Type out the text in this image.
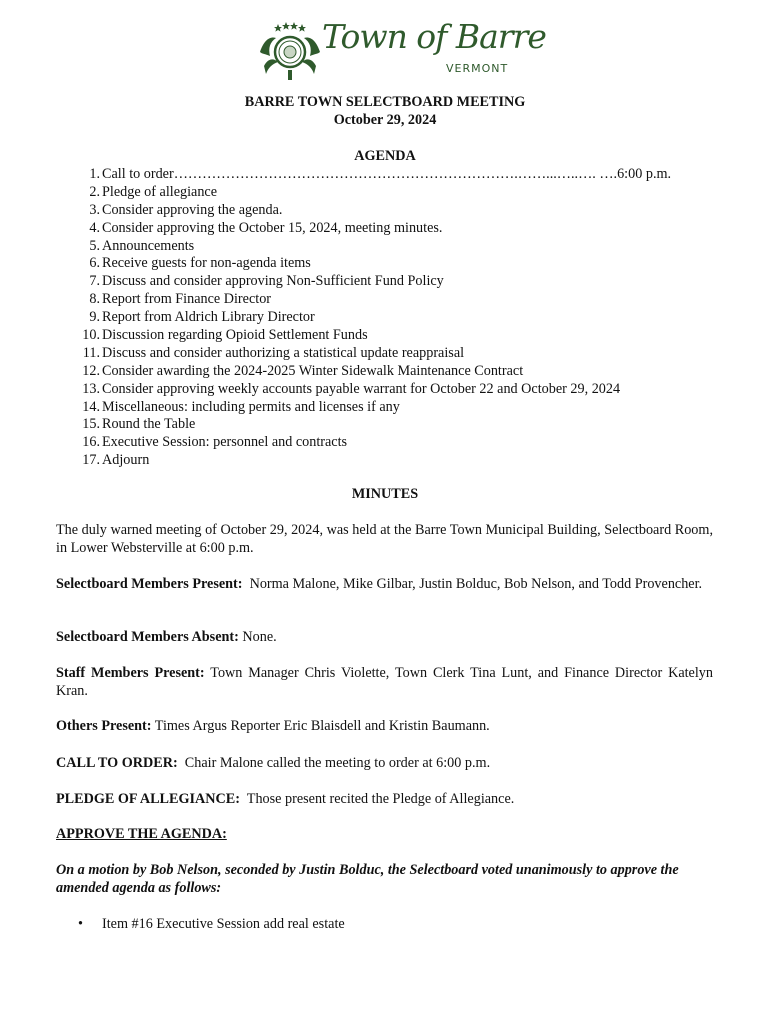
Town of Barre
VERMONT
BARRE TOWN SELECTBOARD MEETING
October 29, 2024
AGENDA
1. Call to order……………………………………………………………….……...…..…. ….6:00 p.m.
2. Pledge of allegiance
3. Consider approving the agenda.
4. Consider approving the October 15, 2024, meeting minutes.
5. Announcements
6. Receive guests for non-agenda items
7. Discuss and consider approving Non-Sufficient Fund Policy
8. Report from Finance Director
9. Report from Aldrich Library Director
10. Discussion regarding Opioid Settlement Funds
11. Discuss and consider authorizing a statistical update reappraisal
12. Consider awarding the 2024-2025 Winter Sidewalk Maintenance Contract
13. Consider approving weekly accounts payable warrant for October 22 and October 29, 2024
14. Miscellaneous: including permits and licenses if any
15. Round the Table
16. Executive Session: personnel and contracts
17. Adjourn
MINUTES

The duly warned meeting of October 29, 2024, was held at the Barre Town Municipal Building, Selectboard Room, in Lower Websterville at 6:00 p.m.

Selectboard Members Present: Norma Malone, Mike Gilbar, Justin Bolduc, Bob Nelson, and Todd Provencher.

Selectboard Members Absent: None.

Staff Members Present: Town Manager Chris Violette, Town Clerk Tina Lunt, and Finance Director Katelyn Kran.

Others Present: Times Argus Reporter Eric Blaisdell and Kristin Baumann.

CALL TO ORDER: Chair Malone called the meeting to order at 6:00 p.m.

PLEDGE OF ALLEGIANCE: Those present recited the Pledge of Allegiance.

APPROVE THE AGENDA:

On a motion by Bob Nelson, seconded by Justin Bolduc, the Selectboard voted unanimously to approve the amended agenda as follows:

• Item #16 Executive Session add real estate
